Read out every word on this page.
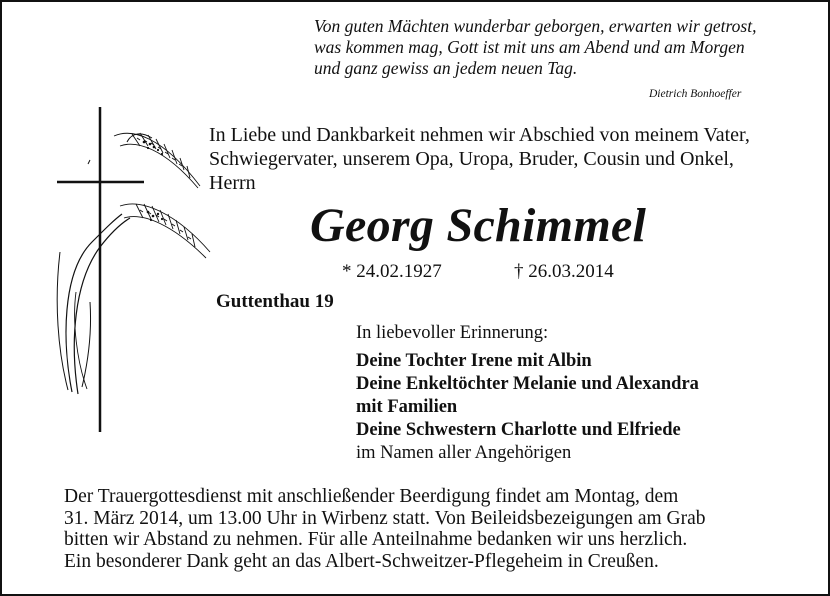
Von guten Mächten wunderbar geborgen, erwarten wir getrost,
was kommen mag, Gott ist mit uns am Abend und am Morgen
und ganz gewiss an jedem neuen Tag.
Dietrich Bonhoeffer
In Liebe und Dankbarkeit nehmen wir Abschied von meinem Vater,
Schwiegervater, unserem Opa, Uropa, Bruder, Cousin und Onkel,
Herrn
Georg Schimmel
* 24.02.1927	† 26.03.2014
Guttenthau 19
In liebevoller Erinnerung:
Deine Tochter Irene mit Albin
Deine Enkeltöchter Melanie und Alexandra
mit Familien
Deine Schwestern Charlotte und Elfriede
im Namen aller Angehörigen
Der Trauergottesdienst mit anschließender Beerdigung findet am Montag, dem
31. März 2014, um 13.00 Uhr in Wirbenz statt. Von Beileidsbezeigungen am Grab
bitten wir Abstand zu nehmen. Für alle Anteilnahme bedanken wir uns herzlich.
Ein besonderer Dank geht an das Albert-Schweitzer-Pflegeheim in Creußen.
